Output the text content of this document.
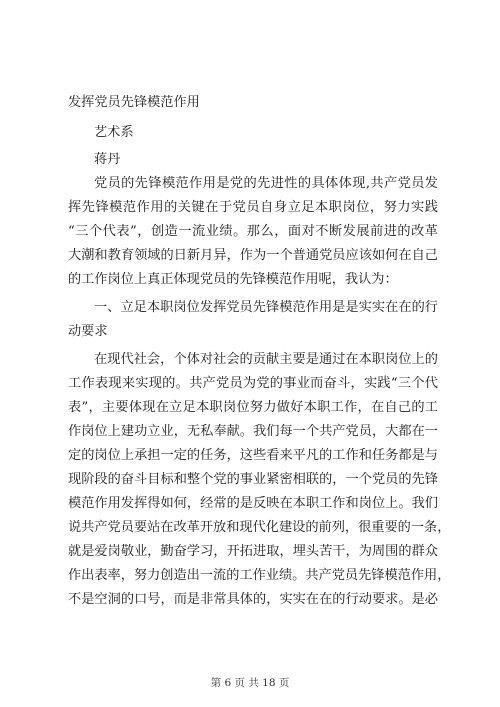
发挥党员先锋模范作用
艺术系
蒋丹
党员的先锋模范作用是党的先进性的具体体现,共产党员发
挥先锋模范作用的关键在于党员自身立足本职岗位，努力实践
“三个代表”，创造一流业绩。那么，面对不断发展前进的改革
大潮和教育领域的日新月异，作为一个普通党员应该如何在自己
的工作岗位上真正体现党员的先锋模范作用呢，我认为：
一、立足本职岗位发挥党员先锋模范作用是是实实在在的行
动要求
在现代社会，个体对社会的贡献主要是通过在本职岗位上的
工作表现来实现的。共产党员为党的事业而奋斗，实践“三个代
表”，主要体现在立足本职岗位努力做好本职工作，在自己的工
作岗位上建功立业，无私奉献。我们每一个共产党员，大都在一
定的岗位上承担一定的任务，这些看来平凡的工作和任务都是与
现阶段的奋斗目标和整个党的事业紧密相联的，一个党员的先锋
模范作用发挥得如何，经常的是反映在本职工作和岗位上。我们
说共产党员要站在改革开放和现代化建设的前列，很重要的一条，
就是爱岗敬业，勤奋学习，开拓进取，埋头苦干，为周围的群众
作出表率，努力创造出一流的工作业绩。共产党员先锋模范作用，
不是空洞的口号，而是非常具体的，实实在在的行动要求。是必
第 6 页 共 18 页
